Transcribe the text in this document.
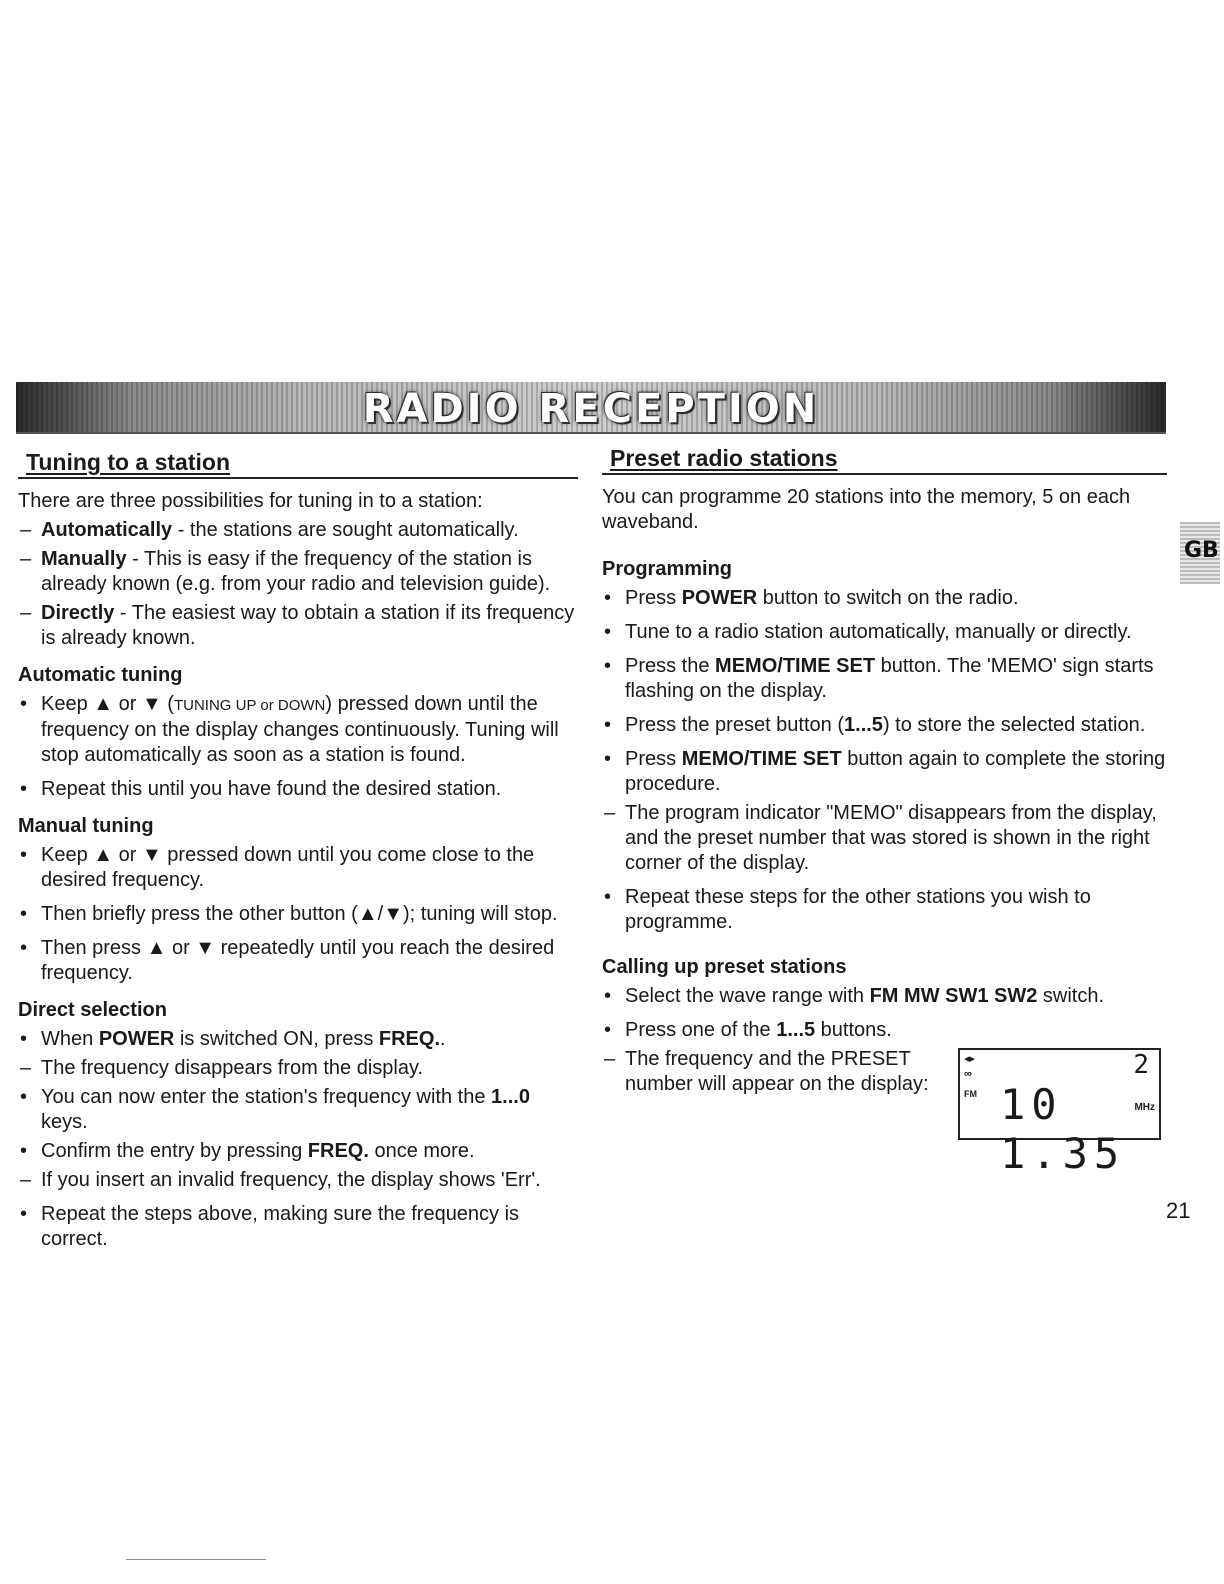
RADIO RECEPTION
GB
Tuning to a station

There are three possibilities for tuning in to a station:

– Automatically - the stations are sought automatically.
– Manually - This is easy if the frequency of the station is already known (e.g. from your radio and television guide).
– Directly - The easiest way to obtain a station if its frequency is already known.
Automatic tuning
• Keep ▲ or ▼ (TUNING UP or DOWN) pressed down until the frequency on the display changes continuously. Tuning will stop automatically as soon as a station is found.
• Repeat this until you have found the desired station.
Manual tuning
• Keep ▲ or ▼ pressed down until you come close to the desired frequency.
• Then briefly press the other button (▲/▼); tuning will stop.
• Then press ▲ or ▼ repeatedly until you reach the desired frequency.
Direct selection
• When POWER is switched ON, press FREQ..
– The frequency disappears from the display.
• You can now enter the station's frequency with the 1...0 keys.
• Confirm the entry by pressing FREQ. once more.
– If you insert an invalid frequency, the display shows 'Err'.
• Repeat the steps above, making sure the frequency is correct.
Preset radio stations

You can programme 20 stations into the memory, 5 on each waveband.

Programming
• Press POWER button to switch on the radio.
• Tune to a radio station automatically, manually or directly.
• Press the MEMO/TIME SET button. The 'MEMO' sign starts flashing on the display.
• Press the preset button (1...5) to store the selected station.
• Press MEMO/TIME SET button again to complete the storing procedure.
– The program indicator "MEMO" disappears from the display, and the preset number that was stored is shown in the right corner of the display.
• Repeat these steps for the other stations you wish to programme.
Calling up preset stations
• Select the wave range with FM MW SW1 SW2 switch.
• Press one of the 1...5 buttons.
– The frequency and the PRESET number will appear on the display:
◂▸
∞
FM
2
10 1.35
MHz
21
